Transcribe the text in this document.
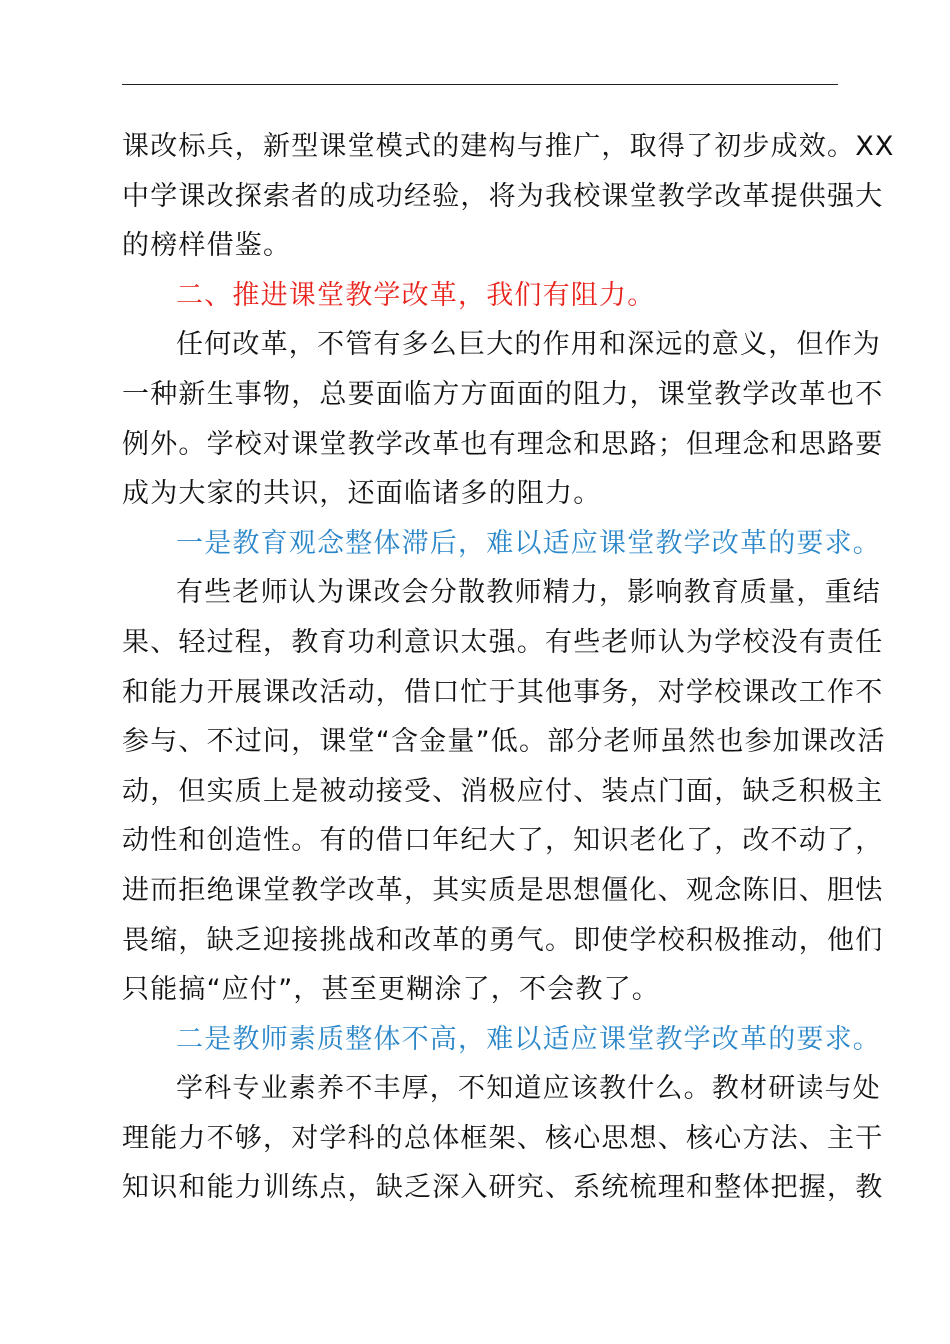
课改标兵，新型课堂模式的建构与推广，取得了初步成效。XX
中学课改探索者的成功经验，将为我校课堂教学改革提供强大
的榜样借鉴。

二、推进课堂教学改革，我们有阻力。

任何改革，不管有多么巨大的作用和深远的意义，但作为
一种新生事物，总要面临方方面面的阻力，课堂教学改革也不
例外。学校对课堂教学改革也有理念和思路；但理念和思路要
成为大家的共识，还面临诸多的阻力。

一是教育观念整体滞后，难以适应课堂教学改革的要求。

有些老师认为课改会分散教师精力，影响教育质量，重结
果、轻过程，教育功利意识太强。有些老师认为学校没有责任
和能力开展课改活动，借口忙于其他事务，对学校课改工作不
参与、不过问，课堂“含金量”低。部分老师虽然也参加课改活
动，但实质上是被动接受、消极应付、装点门面，缺乏积极主
动性和创造性。有的借口年纪大了，知识老化了，改不动了，
进而拒绝课堂教学改革，其实质是思想僵化、观念陈旧、胆怯
畏缩，缺乏迎接挑战和改革的勇气。即使学校积极推动，他们
只能搞“应付”，甚至更糊涂了，不会教了。

二是教师素质整体不高，难以适应课堂教学改革的要求。

学科专业素养不丰厚，不知道应该教什么。教材研读与处
理能力不够，对学科的总体框架、核心思想、核心方法、主干
知识和能力训练点，缺乏深入研究、系统梳理和整体把握，教
